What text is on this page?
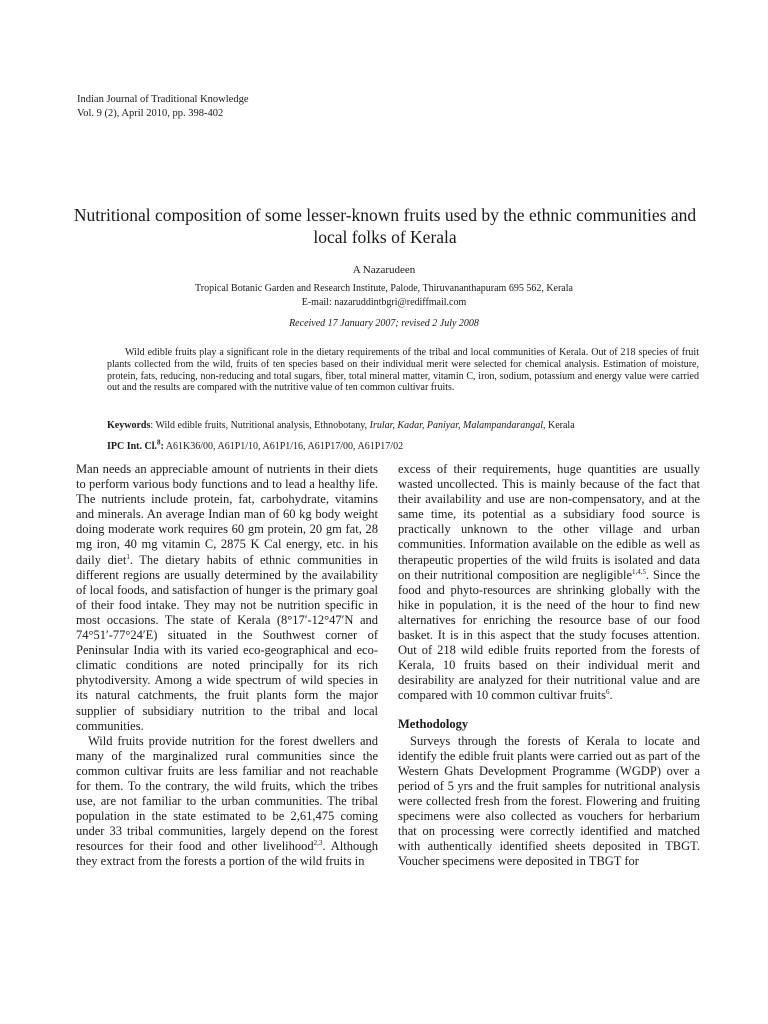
Indian Journal of Traditional Knowledge
Vol. 9 (2), April 2010, pp. 398-402
Nutritional composition of some lesser-known fruits used by the ethnic communities and local folks of Kerala
A Nazarudeen
Tropical Botanic Garden and Research Institute, Palode, Thiruvananthapuram 695 562, Kerala
E-mail: nazaruddintbgri@rediffmail.com
Received 17 January 2007; revised 2 July 2008

Wild edible fruits play a significant role in the dietary requirements of the tribal and local communities of Kerala. Out of 218 species of fruit plants collected from the wild, fruits of ten species based on their individual merit were selected for chemical analysis. Estimation of moisture, protein, fats, reducing, non-reducing and total sugars, fiber, total mineral matter, vitamin C, iron, sodium, potassium and energy value were carried out and the results are compared with the nutritive value of ten common cultivar fruits.

Keywords: Wild edible fruits, Nutritional analysis, Ethnobotany, Irular, Kadar, Paniyar, Malampandarangal, Kerala
IPC Int. Cl.$^8$: A61K36/00, A61P1/10, A61P1/16, A61P17/00, A61P17/02

Man needs an appreciable amount of nutrients in their diets to perform various body functions and to lead a healthy life. The nutrients include protein, fat, carbohydrate, vitamins and minerals. An average Indian man of 60 kg body weight doing moderate work requires 60 gm protein, 20 gm fat, 28 mg iron, 40 mg vitamin C, 2875 K Cal energy, etc. in his daily diet$^1$. The dietary habits of ethnic communities in different regions are usually determined by the availability of local foods, and satisfaction of hunger is the primary goal of their food intake. They may not be nutrition specific in most occasions. The state of Kerala (8°17′-12°47′N and 74°51′-77°24′E) situated in the Southwest corner of Peninsular India with its varied eco-geographical and eco-climatic conditions are noted principally for its rich phytodiversity. Among a wide spectrum of wild species in its natural catchments, the fruit plants form the major supplier of subsidiary nutrition to the tribal and local communities.

Wild fruits provide nutrition for the forest dwellers and many of the marginalized rural communities since the common cultivar fruits are less familiar and not reachable for them. To the contrary, the wild fruits, which the tribes use, are not familiar to the urban communities. The tribal population in the state estimated to be 2,61,475 coming under 33 tribal communities, largely depend on the forest resources for their food and other livelihood$^{2,3}$. Although they extract from the forests a portion of the wild fruits in

excess of their requirements, huge quantities are usually wasted uncollected. This is mainly because of the fact that their availability and use are non-compensatory, and at the same time, its potential as a subsidiary food source is practically unknown to the other village and urban communities. Information available on the edible as well as therapeutic properties of the wild fruits is isolated and data on their nutritional composition are negligible$^{1,4,5}$. Since the food and phyto-resources are shrinking globally with the hike in population, it is the need of the hour to find new alternatives for enriching the resource base of our food basket. It is in this aspect that the study focuses attention. Out of 218 wild edible fruits reported from the forests of Kerala, 10 fruits based on their individual merit and desirability are analyzed for their nutritional value and are compared with 10 common cultivar fruits$^6$.

Methodology

Surveys through the forests of Kerala to locate and identify the edible fruit plants were carried out as part of the Western Ghats Development Programme (WGDP) over a period of 5 yrs and the fruit samples for nutritional analysis were collected fresh from the forest. Flowering and fruiting specimens were also collected as vouchers for herbarium that on processing were correctly identified and matched with authentically identified sheets deposited in TBGT. Voucher specimens were deposited in TBGT for
